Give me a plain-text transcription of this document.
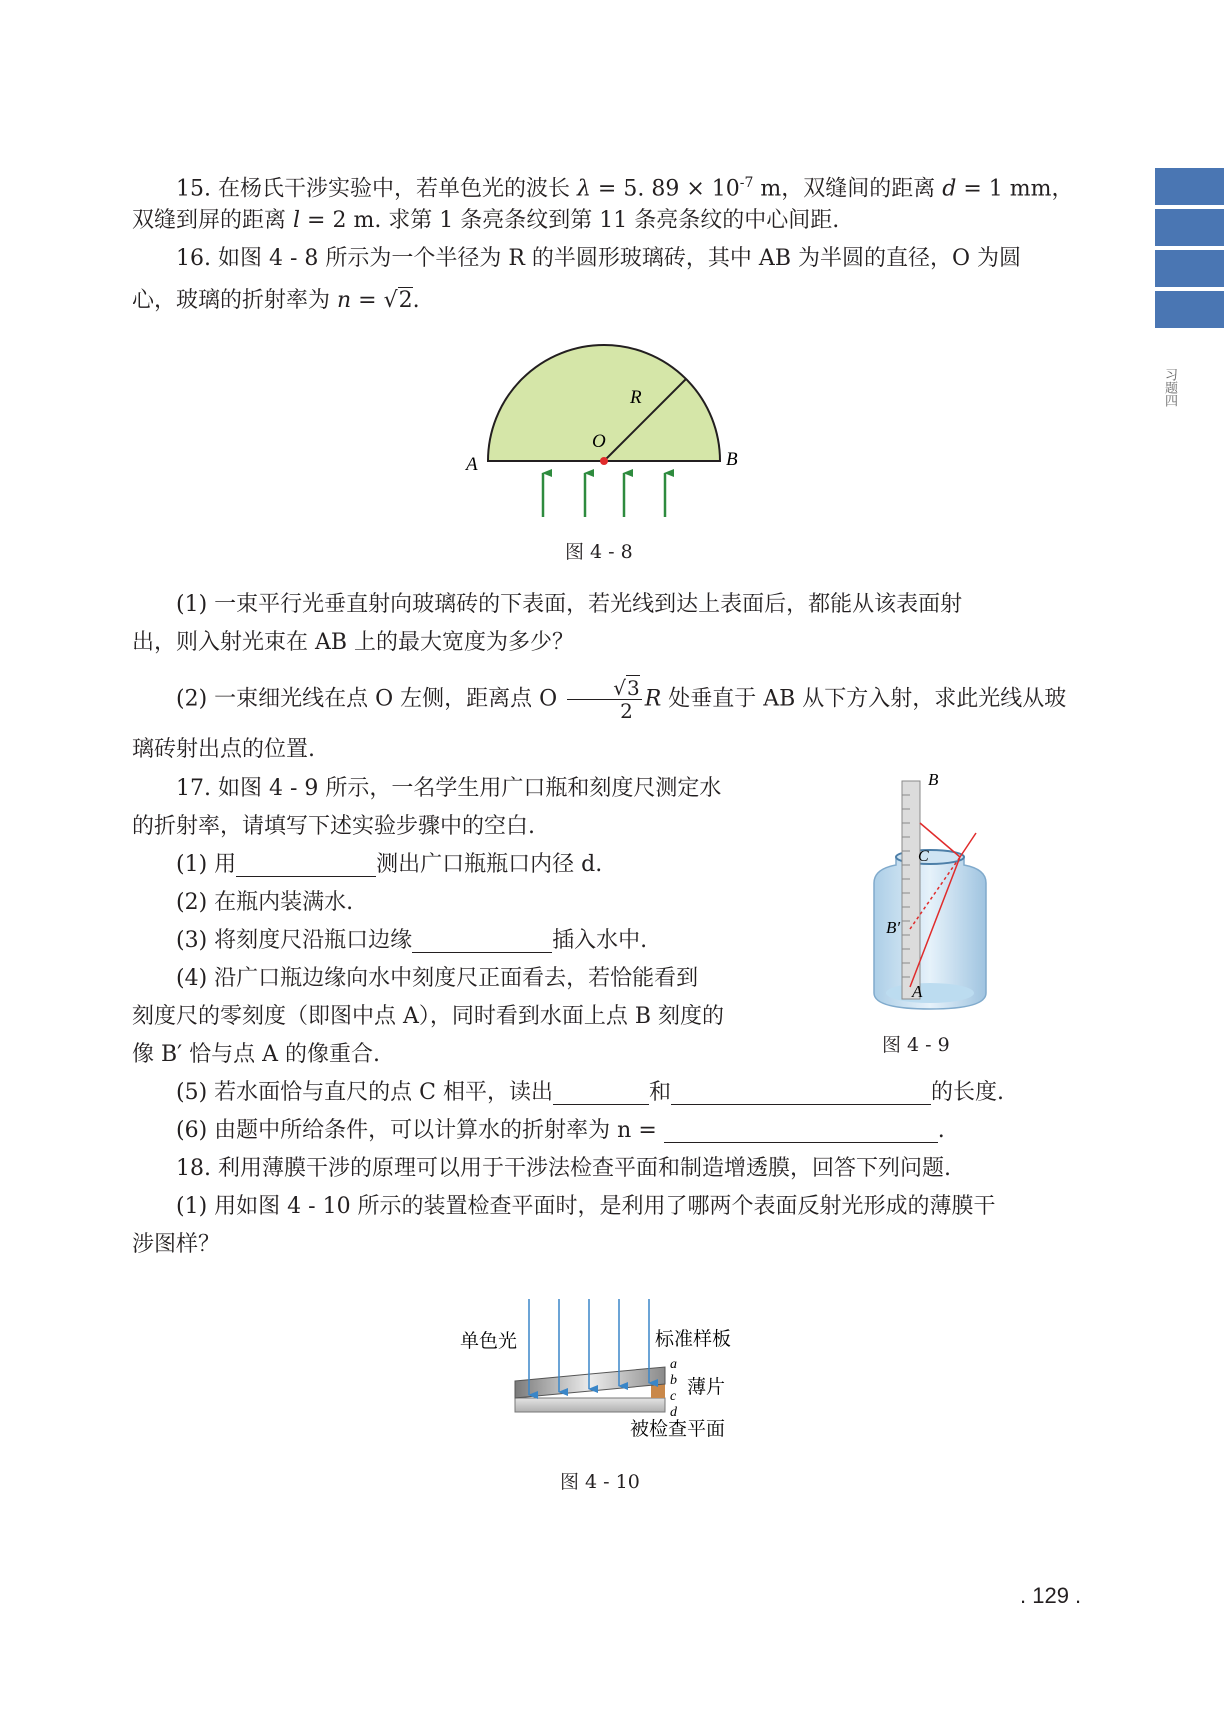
习题四

15. 在杨氏干涉实验中，若单色光的波长 λ = 5. $89 \times 10^{-7}$ m，双缝间的距离 d = 1 mm，

双缝到屏的距离 l = 2 m. 求第 1 条亮条纹到第 11 条亮条纹的中心间距.

16. 如图 4 - 8 所示为一个半径为 R 的半圆形玻璃砖，其中 AB 为半圆的直径，O 为圆

心，玻璃的折射率为 n = √2.

A	B
O
R
图 4 - 8

(1) 一束平行光垂直射向玻璃砖的下表面，若光线到达上表面后，都能从该表面射

出，则入射光束在 AB 上的最大宽度为多少？

(2) 一束细光线在点 O 左侧，距离点 O $\frac{√3}{2}$ R 处垂直于 AB 从下方入射，求此光线从玻

璃砖射出点的位置.

17. 如图 4 - 9 所示，一名学生用广口瓶和刻度尺测定水

的折射率，请填写下述实验步骤中的空白.

(1) 用	测出广口瓶瓶口内径 d.

(2) 在瓶内装满水.

(3) 将刻度尺沿瓶口边缘	插入水中.

(4) 沿广口瓶边缘向水中刻度尺正面看去，若恰能看到

刻度尺的零刻度（即图中点 A），同时看到水面上点 B 刻度的

像 B′ 恰与点 A 的像重合.

(5) 若水面恰与直尺的点 C 相平，读出	和	的长度.

(6) 由题中所给条件，可以计算水的折射率为 n =	.

B
C
B′
A
图 4 - 9

18. 利用薄膜干涉的原理可以用于干涉法检查平面和制造增透膜，回答下列问题.

(1) 用如图 4 - 10 所示的装置检查平面时，是利用了哪两个表面反射光形成的薄膜干

涉图样？

单色光	标准样板
a
b
c
d
薄片
被检查平面
图 4 - 10
. 129 .
